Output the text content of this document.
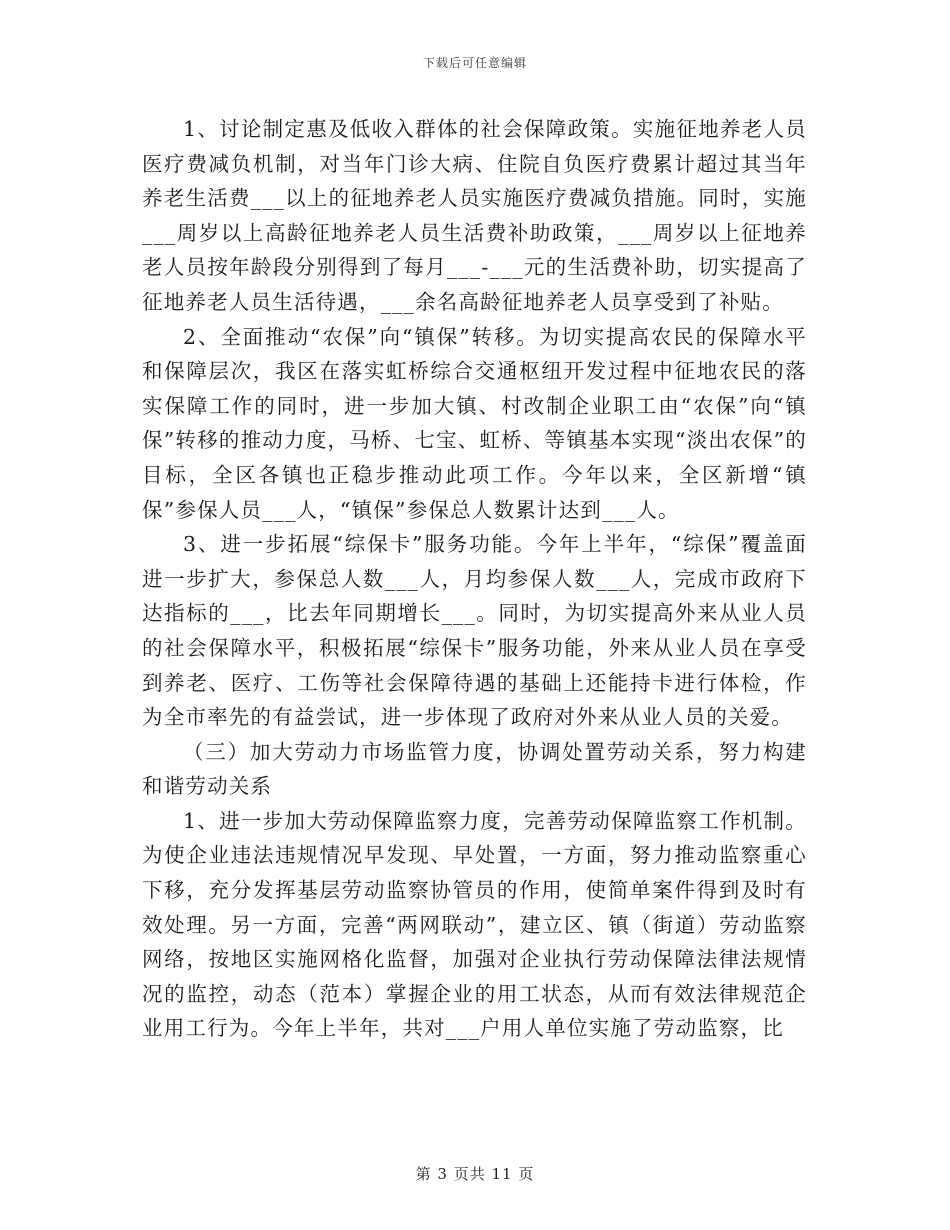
下载后可任意编辑

1、讨论制定惠及低收入群体的社会保障政策。实施征地养老人员医疗费减负机制，对当年门诊大病、住院自负医疗费累计超过其当年养老生活费___以上的征地养老人员实施医疗费减负措施。同时，实施___周岁以上高龄征地养老人员生活费补助政策，___周岁以上征地养老人员按年龄段分别得到了每月___-___元的生活费补助，切实提高了征地养老人员生活待遇，___余名高龄征地养老人员享受到了补贴。

2、全面推动“农保”向“镇保”转移。为切实提高农民的保障水平和保障层次，我区在落实虹桥综合交通枢纽开发过程中征地农民的落实保障工作的同时，进一步加大镇、村改制企业职工由“农保”向“镇保”转移的推动力度，马桥、七宝、虹桥、等镇基本实现“淡出农保”的目标，全区各镇也正稳步推动此项工作。今年以来，全区新增“镇保”参保人员___人，“镇保”参保总人数累计达到___人。

3、进一步拓展“综保卡”服务功能。今年上半年，“综保”覆盖面进一步扩大，参保总人数___人，月均参保人数___人，完成市政府下达指标的___，比去年同期增长___。同时，为切实提高外来从业人员的社会保障水平，积极拓展“综保卡”服务功能，外来从业人员在享受到养老、医疗、工伤等社会保障待遇的基础上还能持卡进行体检，作为全市率先的有益尝试，进一步体现了政府对外来从业人员的关爱。

（三）加大劳动力市场监管力度，协调处置劳动关系，努力构建和谐劳动关系

1、进一步加大劳动保障监察力度，完善劳动保障监察工作机制。为使企业违法违规情况早发现、早处置，一方面，努力推动监察重心下移，充分发挥基层劳动监察协管员的作用，使简单案件得到及时有效处理。另一方面，完善“两网联动”，建立区、镇（街道）劳动监察网络，按地区实施网格化监督，加强对企业执行劳动保障法律法规情况的监控，动态（范本）掌握企业的用工状态，从而有效法律规范企业用工行为。今年上半年，共对___户用人单位实施了劳动监察，比

第 3 页共 11 页
